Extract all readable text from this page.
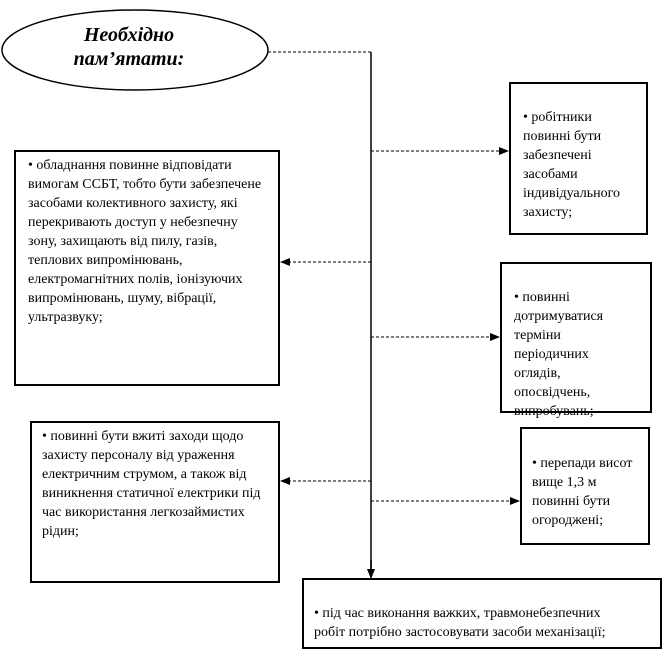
Необхідно
пам’ятати:
• обладнання повинне відповідати вимогам ССБТ, тобто бути забезпечене засобами колективного захисту, які перекривають доступ у небезпечну зону, захищають від пилу, газів, теплових випромінювань, електромагнітних полів, іонізуючих випромінювань, шуму, вібрації, ультразвуку;
• повинні бути вжиті заходи щодо захисту персоналу від ураження електричним струмом, а також від виникнення статичної електрики під час використання легкозаймистих рідин;

• робітники
повинні бути
забезпечені
засобами
індивідуального
захисту;

• повинні
дотримуватися
терміни
періодичних
оглядів,
опосвідчень,
випробувань;

• перепади висот
вище 1,3 м
повинні бути
огороджені;

• під час виконання важких, травмонебезпечних
робіт потрібно застосовувати засоби механізації;
